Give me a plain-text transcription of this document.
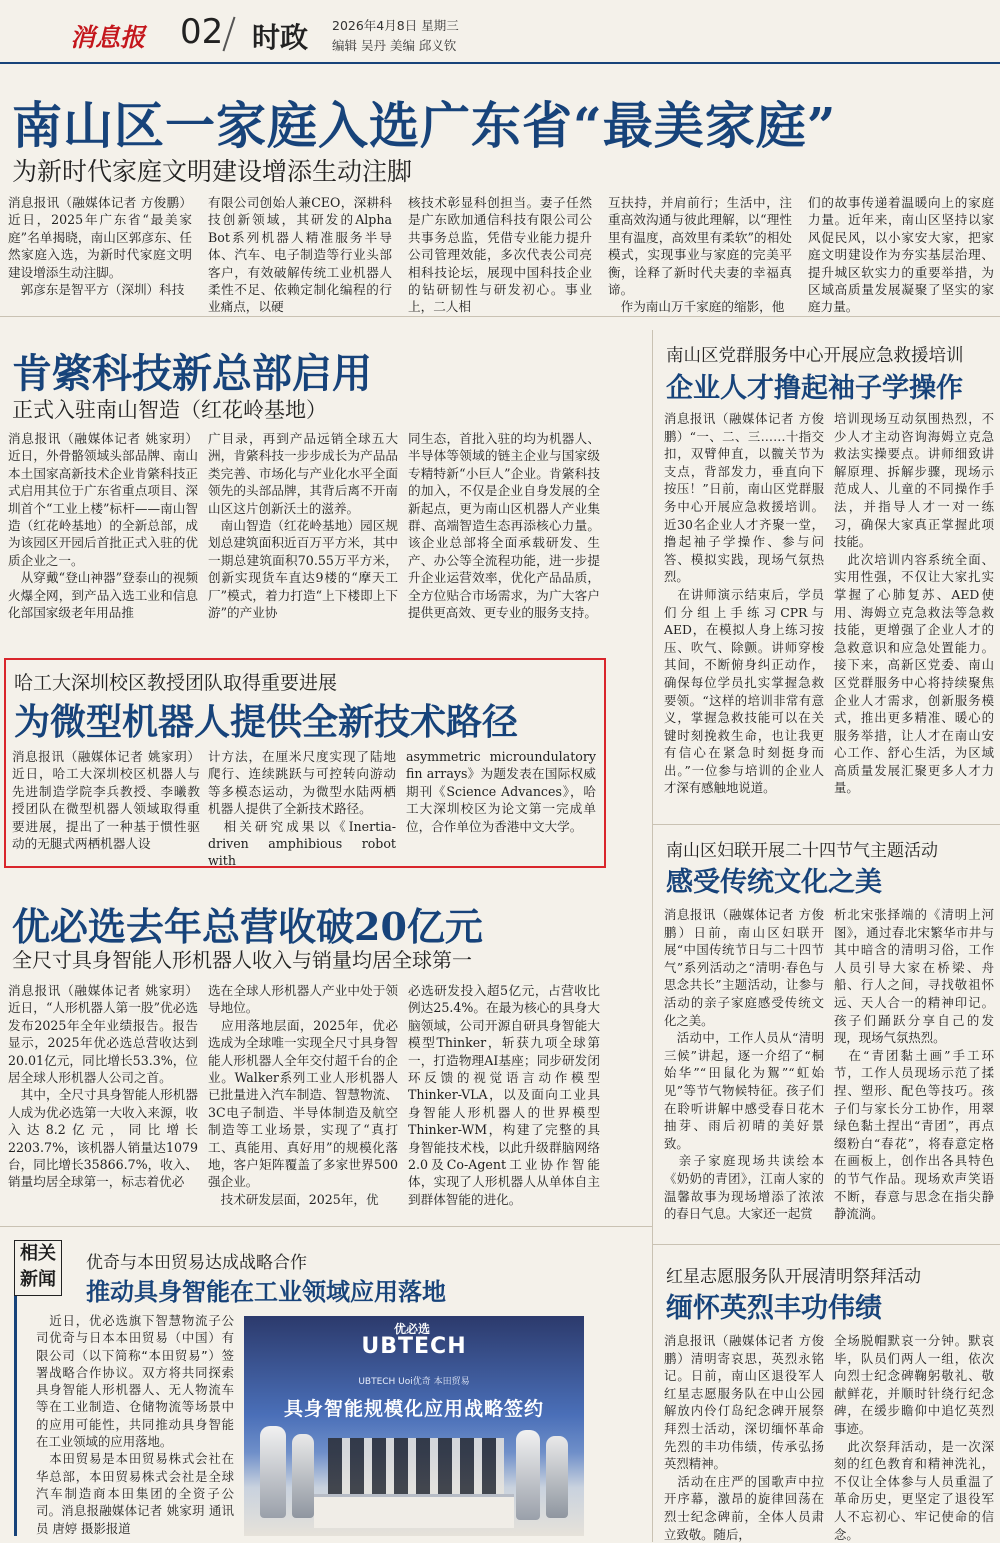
消息报 02 时政 2026年4月8日 星期三
编辑 吴丹 美编 邱义钦
南山区一家庭入选广东省“最美家庭”
为新时代家庭文明建设增添生动注脚
消息报讯（融媒体记者 方俊鹏）近日，2025年广东省“最美家庭”名单揭晓，南山区郭彦东、任然家庭入选，为新时代家庭文明建设增添生动注脚。
　郭彦东是智平方（深圳）科技
有限公司创始人兼CEO，深耕科技创新领域，其研发的Alpha Bot系列机器人精准服务半导体、汽车、电子制造等行业头部客户，有效破解传统工业机器人柔性不足、依赖定制化编程的行业痛点，以硬
核技术彰显科创担当。妻子任然是广东欧加通信科技有限公司公共事务总监，凭借专业能力提升公司管理效能，多次代表公司亮相科技论坛，展现中国科技企业的钻研韧性与研发初心。事业上，二人相
互扶持，并肩前行；生活中，注重高效沟通与彼此理解，以“理性里有温度，高效里有柔软”的相处模式，实现事业与家庭的完美平衡，诠释了新时代夫妻的幸福真谛。
　作为南山万千家庭的缩影，他
们的故事传递着温暖向上的家庭力量。近年来，南山区坚持以家风促民风，以小家安大家，把家庭文明建设作为夯实基层治理、提升城区软实力的重要举措，为区域高质量发展凝聚了坚实的家庭力量。
肯綮科技新总部启用
正式入驻南山智造（红花岭基地）
消息报讯（融媒体记者 姚家玥）近日，外骨骼领域头部品牌、南山本土国家高新技术企业肯綮科技正式启用其位于广东省重点项目、深圳首个“工业上楼”标杆——南山智造（红花岭基地）的全新总部，成为该园区开园后首批正式入驻的优质企业之一。
　从穿戴“登山神器”登泰山的视频火爆全网，到产品入选工业和信息化部国家级老年用品推
广目录，再到产品远销全球五大洲，肯綮科技一步步成长为产品品类完善、市场化与产业化水平全面领先的头部品牌，其背后离不开南山区这片创新沃土的滋养。
　南山智造（红花岭基地）园区规划总建筑面积近百万平方米，其中一期总建筑面积70.55万平方米，创新实现货车直达9楼的“摩天工厂”模式，着力打造“上下楼即上下游”的产业协
同生态，首批入驻的均为机器人、半导体等领域的链主企业与国家级专精特新“小巨人”企业。肯綮科技的加入，不仅是企业自身发展的全新起点，更为南山区机器人产业集群、高端智造生态再添核心力量。该企业总部将全面承载研发、生产、办公等全流程功能，进一步提升企业运营效率，优化产品品质，全方位贴合市场需求，为广大客户提供更高效、更专业的服务支持。
哈工大深圳校区教授团队取得重要进展
为微型机器人提供全新技术路径
消息报讯（融媒体记者 姚家玥）近日，哈工大深圳校区机器人与先进制造学院李兵教授、李曦教授团队在微型机器人领域取得重要进展，提出了一种基于惯性驱动的无腿式两栖机器人设
计方法，在厘米尺度实现了陆地爬行、连续跳跃与可控转向游动等多模态运动，为微型水陆两栖机器人提供了全新技术路径。
　相关研究成果以《Inertia-driven amphibious robot with
asymmetric microundulatory fin arrays》为题发表在国际权威期刊《Science Advances》，哈工大深圳校区为论文第一完成单位，合作单位为香港中文大学。
优必选去年总营收破20亿元
全尺寸具身智能人形机器人收入与销量均居全球第一
消息报讯（融媒体记者 姚家玥）近日，“人形机器人第一股”优必选发布2025年全年业绩报告。报告显示，2025年优必选总营收达到20.01亿元，同比增长53.3%，位居全球人形机器人公司之首。
　其中，全尺寸具身智能人形机器人成为优必选第一大收入来源，收入达8.2亿元，同比增长2203.7%，该机器人销量达1079台，同比增长35866.7%，收入、销量均居全球第一，标志着优必
选在全球人形机器人产业中处于领导地位。
　应用落地层面，2025年，优必选成为全球唯一实现全尺寸具身智能人形机器人全年交付超千台的企业。Walker系列工业人形机器人已批量进入汽车制造、智慧物流、3C电子制造、半导体制造及航空制造等工业场景，实现了“真打工、真能用、真好用”的规模化落地，客户矩阵覆盖了多家世界500强企业。
　技术研发层面，2025年，优
必选研发投入超5亿元，占营收比例达25.4%。在最为核心的具身大脑领域，公司开源自研具身智能大模型Thinker，斩获九项全球第一，打造物理AI基座；同步研发闭环反馈的视觉语言动作模型Thinker-VLA，以及面向工业具身智能人形机器人的世界模型Thinker-WM，构建了完整的具身智能技术栈，以此升级群脑网络2.0及Co-Agent工业协作智能体，实现了人形机器人从单体自主到群体智能的进化。
相关
新闻
优奇与本田贸易达成战略合作
推动具身智能在工业领域应用落地
　近日，优必选旗下智慧物流子公司优奇与日本本田贸易（中国）有限公司（以下简称“本田贸易”）签署战略合作协议。双方将共同探索具身智能人形机器人、无人物流车等在工业制造、仓储物流等场景中的应用可能性，共同推动具身智能在工业领域的应用落地。
　本田贸易是本田贸易株式会社在华总部，本田贸易株式会社是全球汽车制造商本田集团的全资子公司。消息报融媒体记者 姚家玥 通讯员 唐婷 摄影报道
优必选
UBTECH
UBTECH Uoi优奇 本田贸易
具身智能规模化应用战略签约
南山区党群服务中心开展应急救援培训
企业人才撸起袖子学操作
消息报讯（融媒体记者 方俊鹏）“一、二、三……十指交扣，双臂伸直，以髋关节为支点，背部发力，垂直向下按压！”日前，南山区党群服务中心开展应急救援培训。近30名企业人才齐聚一堂，撸起袖子学操作、参与问答、模拟实践，现场气氛热烈。
　在讲师演示结束后，学员们分组上手练习CPR与AED，在模拟人身上练习按压、吹气、除颤。讲师穿梭其间，不断俯身纠正动作，确保每位学员扎实掌握急救要领。“这样的培训非常有意义，掌握急救技能可以在关键时刻挽救生命，也让我更有信心在紧急时刻挺身而出。”一位参与培训的企业人才深有感触地说道。
培训现场互动氛围热烈，不少人才主动咨询海姆立克急救法实操要点。讲师细致讲解原理、拆解步骤，现场示范成人、儿童的不同操作手法，并指导人才一对一练习，确保大家真正掌握此项技能。
　此次培训内容系统全面、实用性强，不仅让大家扎实掌握了心肺复苏、AED使用、海姆立克急救法等急救技能，更增强了企业人才的急救意识和应急处置能力。接下来，高新区党委、南山区党群服务中心将持续聚焦企业人才需求，创新服务模式，推出更多精准、暖心的服务举措，让人才在南山安心工作、舒心生活，为区域高质量发展汇聚更多人才力量。
南山区妇联开展二十四节气主题活动
感受传统文化之美
消息报讯（融媒体记者 方俊鹏）日前，南山区妇联开展“中国传统节日与二十四节气”系列活动之“清明·春色与思念共长”主题活动，让参与活动的亲子家庭感受传统文化之美。
　活动中，工作人员从“清明三候”讲起，逐一介绍了“桐始华”“田鼠化为鴽”“虹始见”等节气物候特征。孩子们在聆听讲解中感受春日花木抽芽、雨后初晴的美好景致。
　亲子家庭现场共读绘本《奶奶的青团》，江南人家的温馨故事为现场增添了浓浓的春日气息。大家还一起赏
析北宋张择端的《清明上河图》，通过春北宋繁华市井与其中暗含的清明习俗，工作人员引导大家在桥梁、舟船、行人之间，寻找敬祖怀远、天人合一的精神印记。孩子们踊跃分享自己的发现，现场气氛热烈。
　在“青团黏土画”手工环节，工作人员现场示范了揉捏、塑形、配色等技巧。孩子们与家长分工协作，用翠绿色黏土捏出“青团”，再点缀粉白“春花”，将春意定格在画板上，创作出各具特色的节气作品。现场欢声笑语不断，春意与思念在指尖静静流淌。
红星志愿服务队开展清明祭拜活动
缅怀英烈丰功伟绩
消息报讯（融媒体记者 方俊鹏）清明寄哀思，英烈永铭记。日前，南山区退役军人红星志愿服务队在中山公园解放内伶仃岛纪念碑开展祭拜烈士活动，深切缅怀革命先烈的丰功伟绩，传承弘扬英烈精神。
　活动在庄严的国歌声中拉开序幕，激昂的旋律回荡在烈士纪念碑前，全体人员肃立致敬。随后，
全场脱帽默哀一分钟。默哀毕，队员们两人一组，依次向烈士纪念碑鞠躬敬礼、敬献鲜花，并顺时针绕行纪念碑，在缓步瞻仰中追忆英烈事迹。
　此次祭拜活动，是一次深刻的红色教育和精神洗礼，不仅让全体参与人员重温了革命历史，更坚定了退役军人不忘初心、牢记使命的信念。
